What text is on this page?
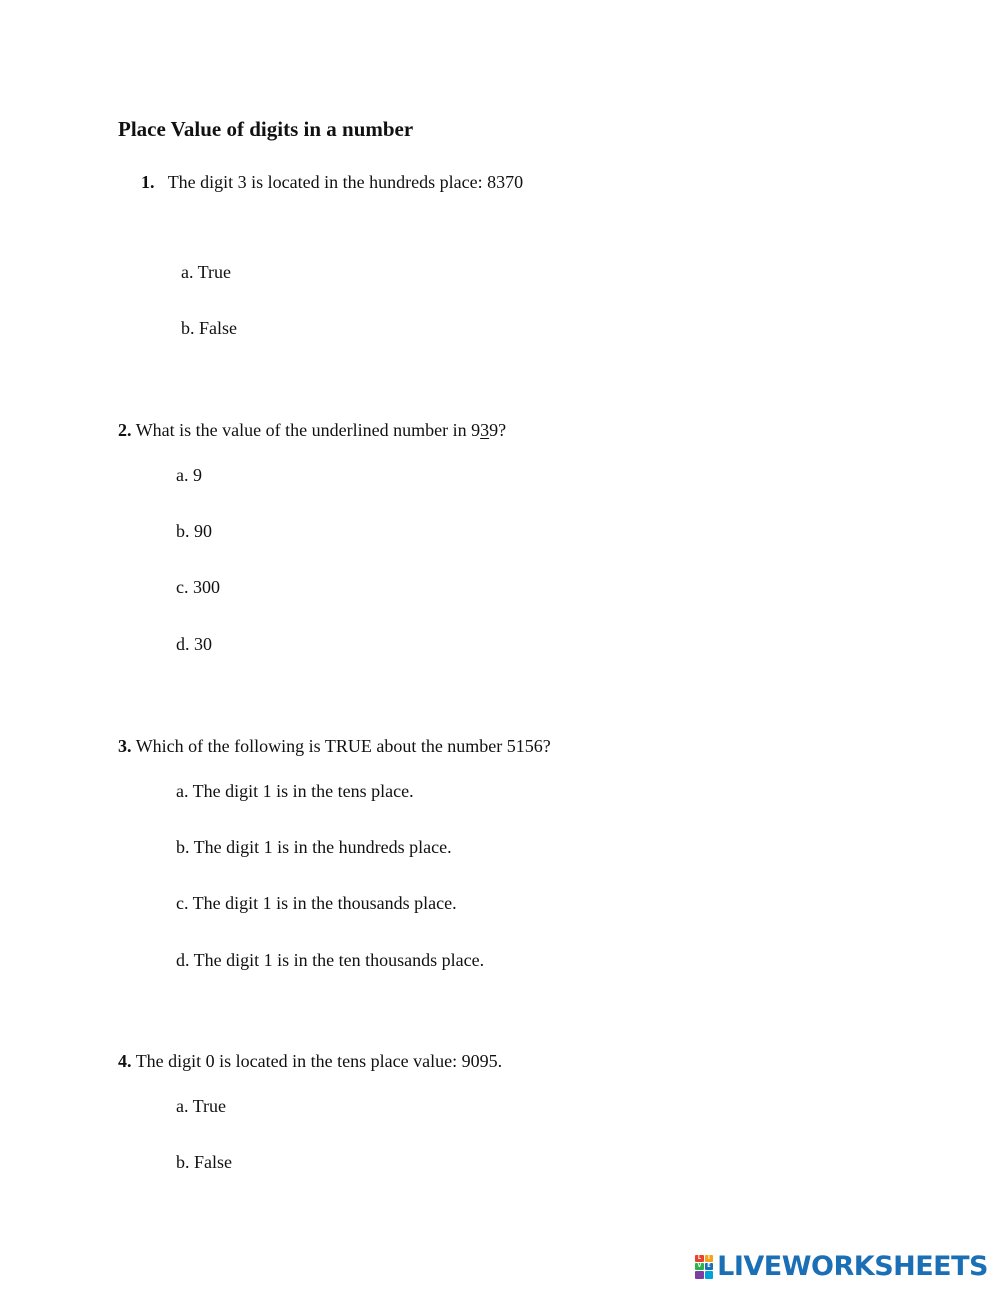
Place Value of digits in a number
1. The digit 3 is located in the hundreds place: 8370
a. True
b. False
2. What is the value of the underlined number in 939?
a. 9
b. 90
c. 300
d. 30
3. Which of the following is TRUE about the number 5156?
a. The digit 1 is in the tens place.
b. The digit 1 is in the hundreds place.
c. The digit 1 is in the thousands place.
d. The digit 1 is in the ten thousands place.
4. The digit 0 is located in the tens place value: 9095.
a. True
b. False
L	I
V	E LIVEWORKSHEETS
